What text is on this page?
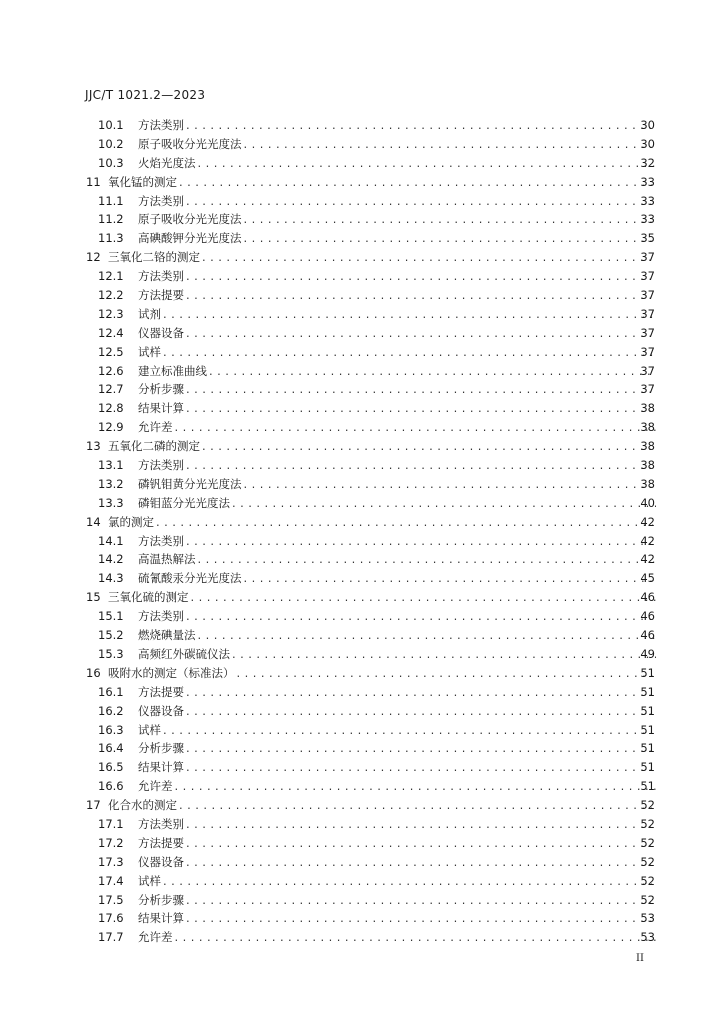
JJC/T 1021.2—2023
10.1	方法类别 . . .	30
10.2	原子吸收分光光度法 . . .	30
10.3	火焰光度法 . . .	32
11 氧化锰的测定 . . .	33
11.1	方法类别 . . .	33
11.2	原子吸收分光光度法 . . .	33
11.3	高碘酸钾分光光度法 . . .	35
12 三氧化二铬的测定 . . .	37
12.1	方法类别 . . .	37
12.2	方法提要 . . .	37
12.3	试剂 . . .	37
12.4	仪器设备 . . .	37
12.5	试样 . . .	37
12.6	建立标准曲线 . . .	37
12.7	分析步骤 . . .	37
12.8	结果计算 . . .	38
12.9	允许差 . . .	38
13 五氧化二磷的测定 . . .	38
13.1	方法类别 . . .	38
13.2	磷钒钼黄分光光度法 . . .	38
13.3	磷钼蓝分光光度法 . . .	40
14 氯的测定 . . .	42
14.1	方法类别 . . .	42
14.2	高温热解法 . . .	42
14.3	硫氰酸汞分光光度法 . . .	45
15 三氧化硫的测定 . . .	46
15.1	方法类别 . . .	46
15.2	燃烧碘量法 . . .	46
15.3	高频红外碳硫仪法 . . .	49
16 吸附水的测定（标准法） . . .	51
16.1	方法提要 . . .	51
16.2	仪器设备 . . .	51
16.3	试样 . . .	51
16.4	分析步骤 . . .	51
16.5	结果计算 . . .	51
16.6	允许差 . . .	51
17 化合水的测定 . . .	52
17.1	方法类别 . . .	52
17.2	方法提要 . . .	52
17.3	仪器设备 . . .	52
17.4	试样 . . .	52
17.5	分析步骤 . . .	52
17.6	结果计算 . . .	53
17.7	允许差 . . .	53
II
